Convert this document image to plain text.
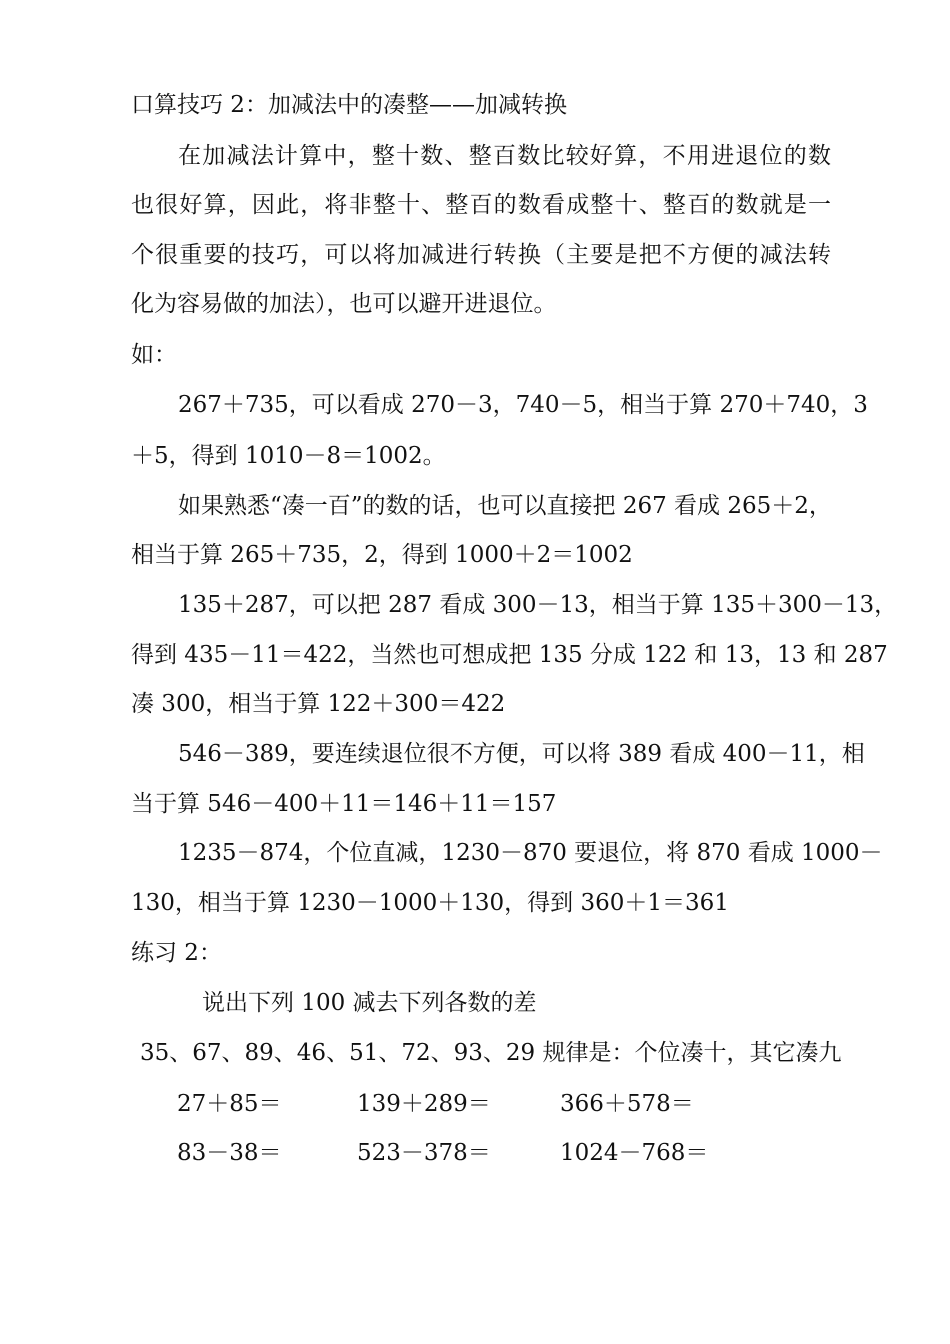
口算技巧 2：加减法中的凑整——加减转换
在加减法计算中，整十数、整百数比较好算，不用进退位的数
也很好算，因此，将非整十、整百的数看成整十、整百的数就是一
个很重要的技巧，可以将加减进行转换（主要是把不方便的减法转
化为容易做的加法），也可以避开进退位。
如：
267＋735，可以看成 270－3，740－5，相当于算 270＋740，3
＋5，得到 1010－8＝1002。
如果熟悉“凑一百”的数的话，也可以直接把 267 看成 265＋2，
相当于算 265＋735，2，得到 1000＋2＝1002
135＋287，可以把 287 看成 300－13，相当于算 135＋300－13，
得到 435－11＝422，当然也可想成把 135 分成 122 和 13，13 和 287
凑 300，相当于算 122＋300＝422
546－389，要连续退位很不方便，可以将 389 看成 400－11，相
当于算 546－400＋11＝146＋11＝157
1235－874，个位直减，1230－870 要退位，将 870 看成 1000－
130，相当于算 1230－1000＋130，得到 360＋1＝361
练习 2：
说出下列 100 减去下列各数的差
35、67、89、46、51、72、93、29 规律是：个位凑十，其它凑九
27＋85＝	139＋289＝	366＋578＝
83－38＝	523－378＝	1024－768＝
